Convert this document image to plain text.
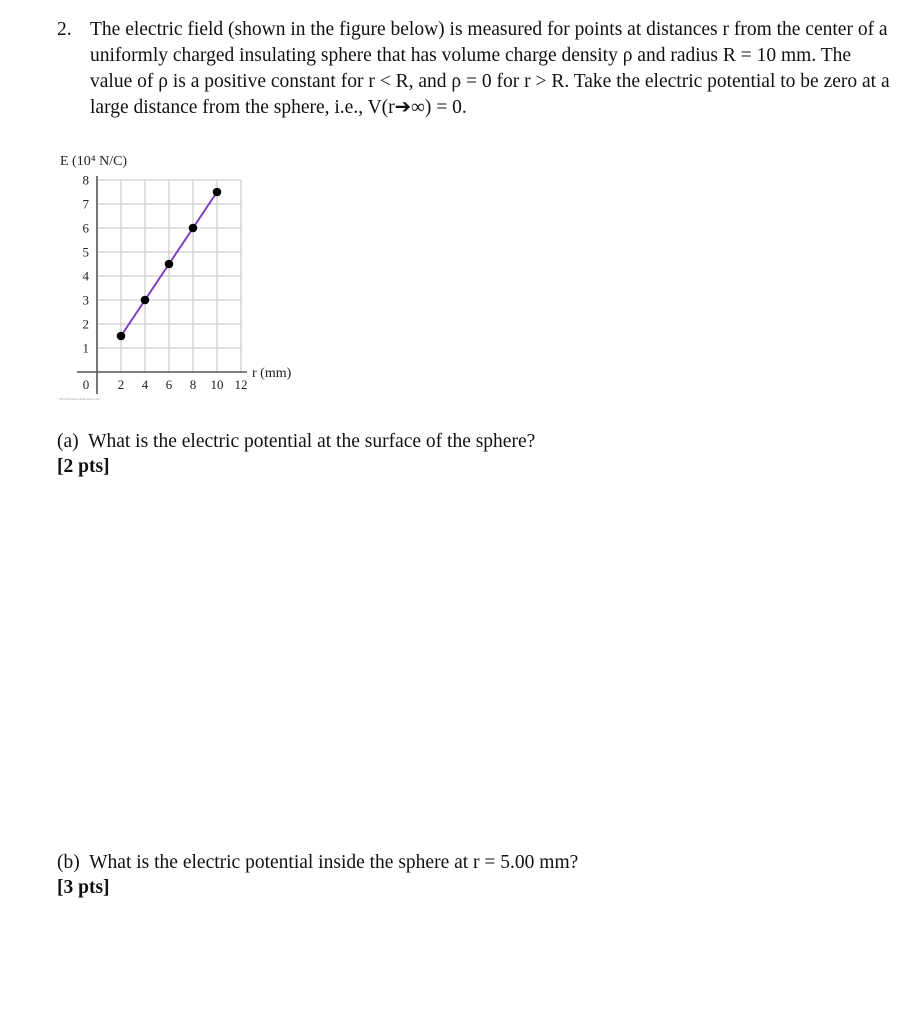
2. The electric field (shown in the figure below) is measured for points at distances r from the center of a uniformly charged insulating sphere that has volume charge density ρ and radius R = 10 mm. The value of ρ is a positive constant for r < R, and ρ = 0 for r > R. Take the electric potential to be zero at a large distance from the sphere, i.e., V(r➔∞) = 0.
1
2
3
4
5
6
7
8
2 4 6 8 10 12
0
E (10⁴ N/C)
r (mm)
©2014 Pearson Education, Inc.
(a) What is the electric potential at the surface of the sphere?
[2 pts]
(b) What is the electric potential inside the sphere at r = 5.00 mm?
[3 pts]
